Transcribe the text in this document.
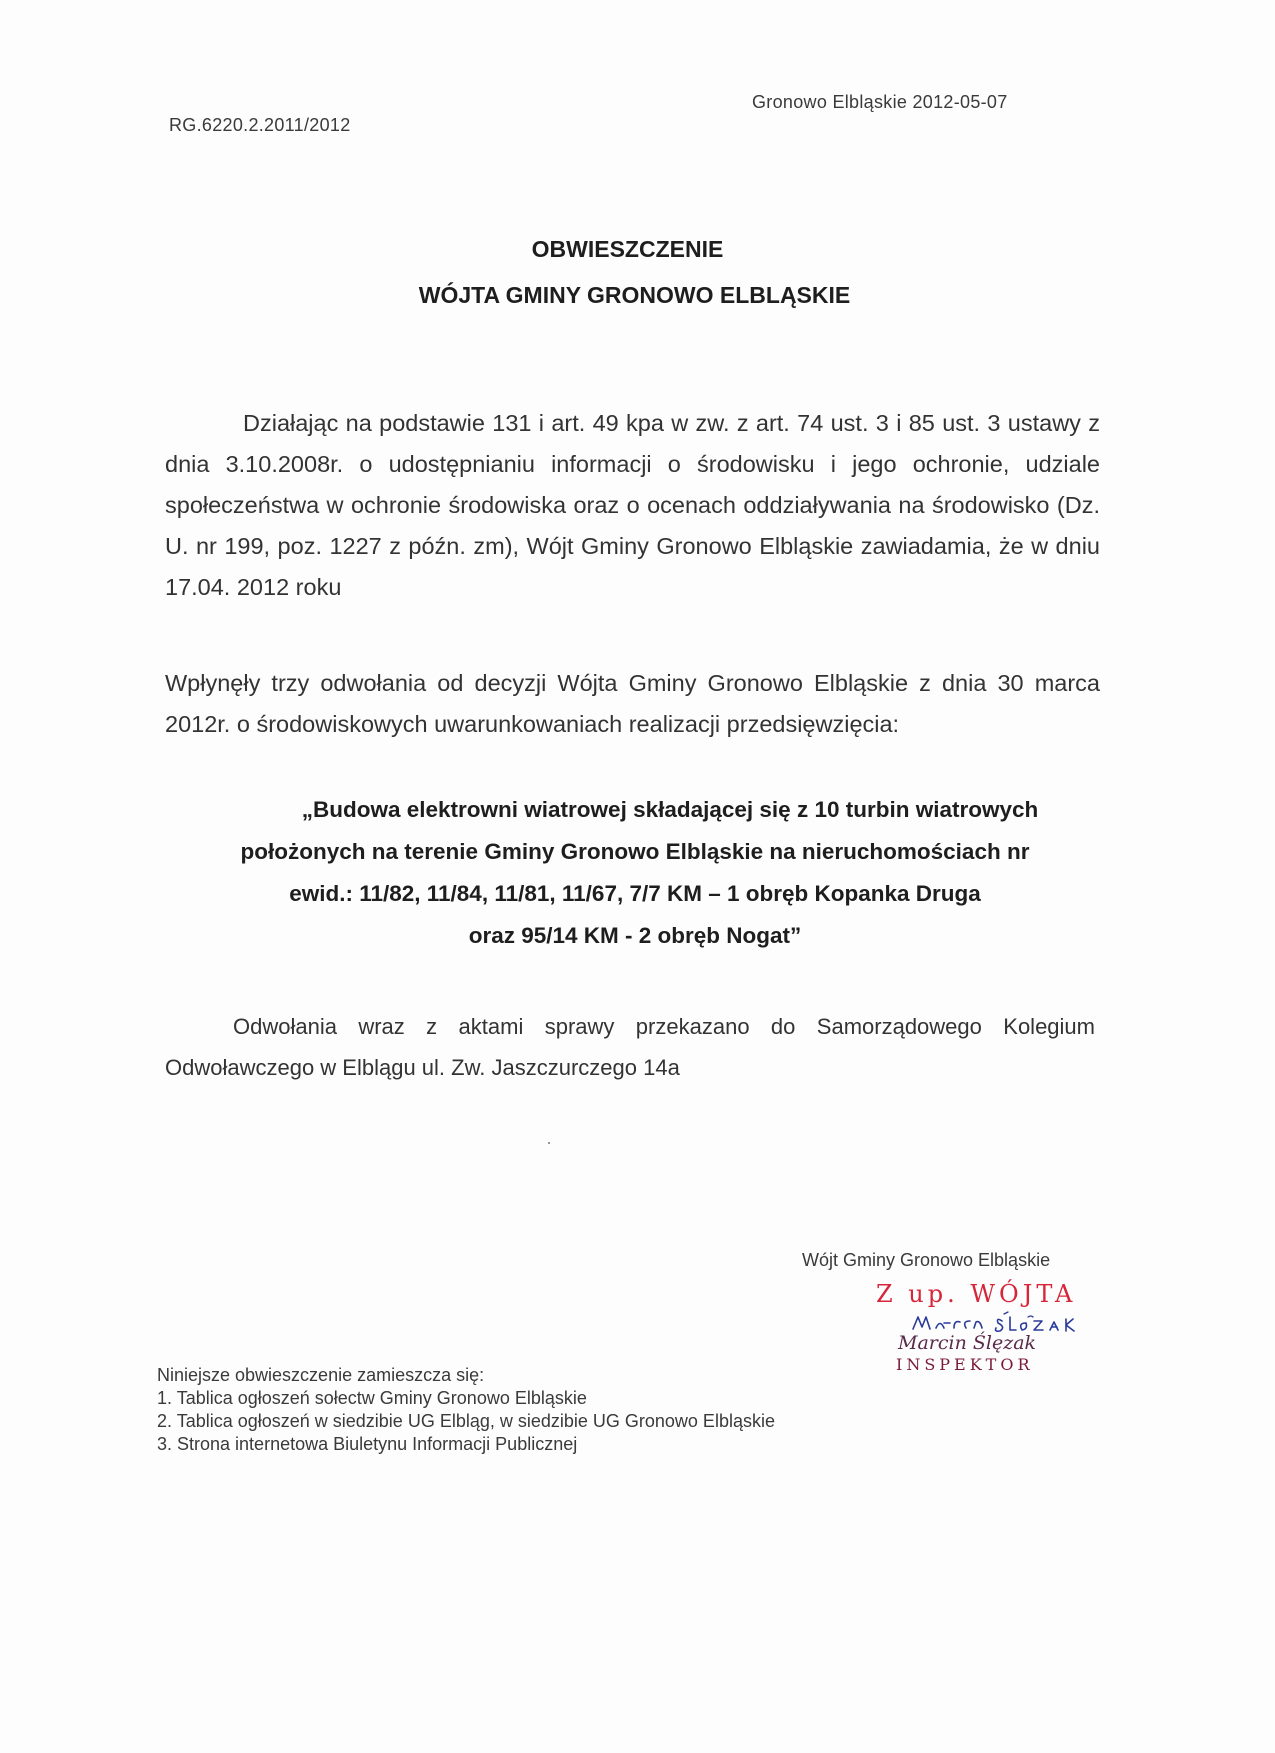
RG.6220.2.2011/2012
Gronowo Elbląskie 2012-05-07
OBWIESZCZENIE
WÓJTA GMINY GRONOWO ELBLĄSKIE
Działając na podstawie 131 i art. 49 kpa w zw. z art. 74 ust. 3 i 85 ust. 3 ustawy z dnia 3.10.2008r. o udostępnianiu informacji o środowisku i jego ochronie, udziale społeczeństwa w ochronie środowiska oraz o ocenach oddziaływania na środowisko (Dz. U. nr 199, poz. 1227 z późn. zm), Wójt Gminy Gronowo Elbląskie zawiadamia, że w dniu 17.04. 2012 roku
Wpłynęły trzy odwołania od decyzji Wójta Gminy Gronowo Elbląskie z dnia 30 marca 2012r. o środowiskowych uwarunkowaniach realizacji przedsięwzięcia:
„Budowa elektrowni wiatrowej składającej się z 10 turbin wiatrowych
położonych na terenie Gminy Gronowo Elbląskie na nieruchomościach nr
ewid.: 11/82, 11/84, 11/81, 11/67, 7/7 KM – 1 obręb Kopanka Druga
oraz 95/14 KM - 2 obręb Nogat”
Odwołania wraz z aktami sprawy przekazano do Samorządowego Kolegium Odwoławczego w Elblągu ul. Zw. Jaszczurczego 14a
Wójt Gminy Gronowo Elbląskie
Z up. WÓJTA
Marcin Ślęzak
INSPEKTOR
Niniejsze obwieszczenie zamieszcza się:
1. Tablica ogłoszeń sołectw Gminy Gronowo Elbląskie
2. Tablica ogłoszeń w siedzibie UG Elbląg, w siedzibie UG Gronowo Elbląskie
3. Strona internetowa Biuletynu Informacji Publicznej
